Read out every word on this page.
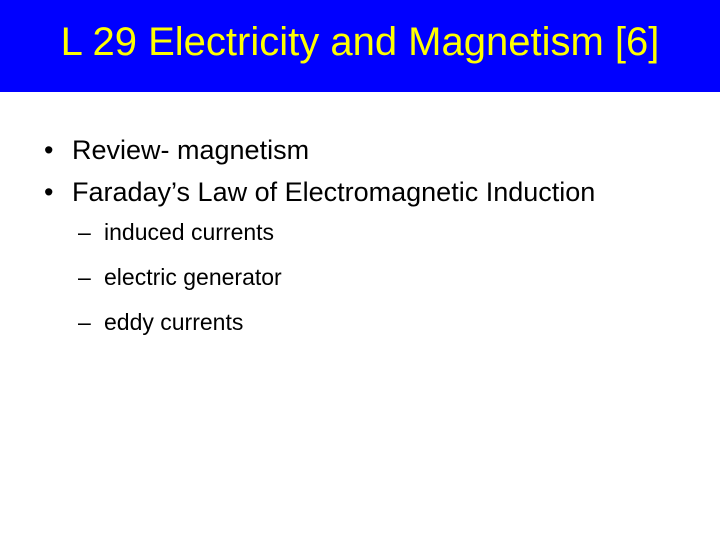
L 29 Electricity and Magnetism [6]
• Review- magnetism
• Faraday’s Law of Electromagnetic Induction
– induced currents
– electric generator
– eddy currents
